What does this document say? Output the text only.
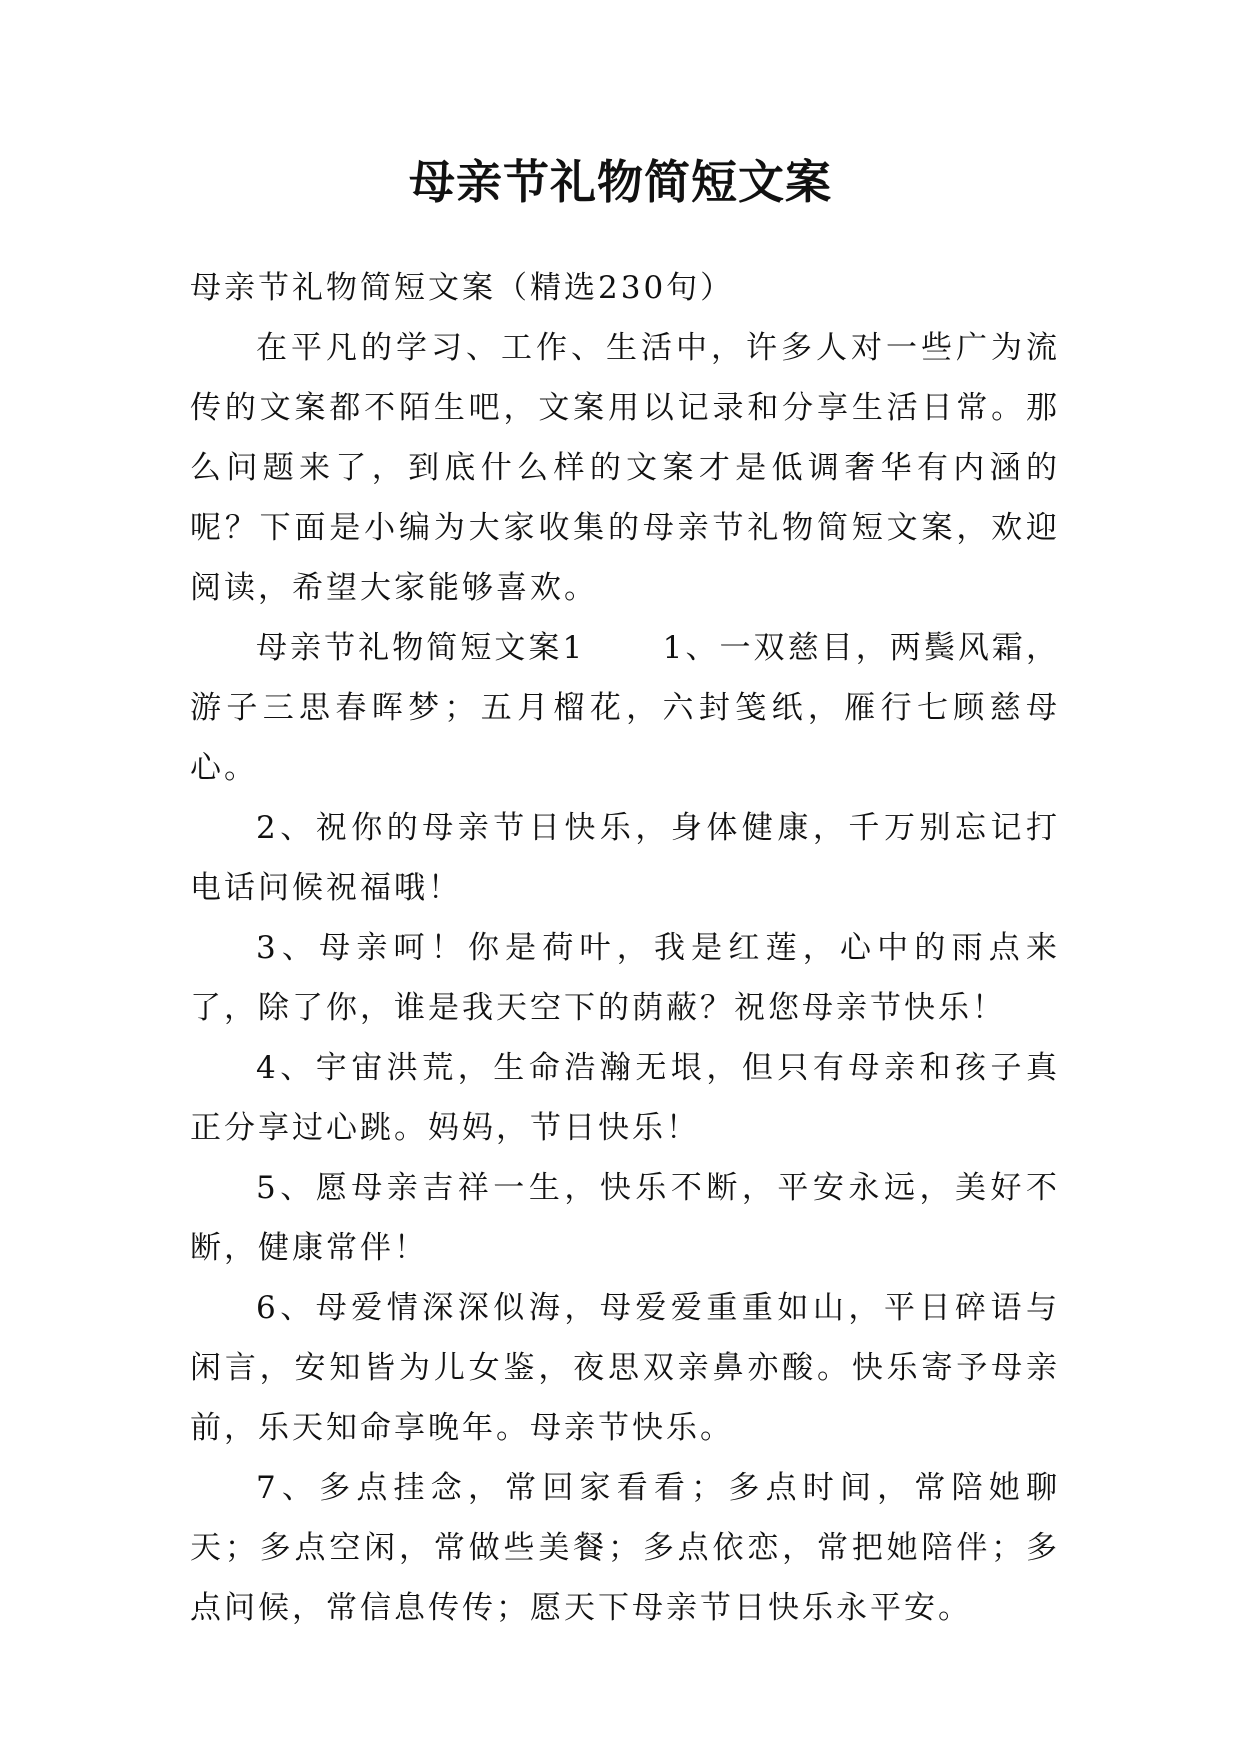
母亲节礼物简短文案

母亲节礼物简短文案（精选230句）

在平凡的学习、工作、生活中，许多人对一些广为流传的文案都不陌生吧，文案用以记录和分享生活日常。那么问题来了，到底什么样的文案才是低调奢华有内涵的呢？下面是小编为大家收集的母亲节礼物简短文案，欢迎阅读，希望大家能够喜欢。

母亲节礼物简短文案1 1、一双慈目，两鬓风霜，游子三思春晖梦；五月榴花，六封笺纸，雁行七顾慈母心。

2、祝你的母亲节日快乐，身体健康，千万别忘记打电话问候祝福哦！

3、母亲呵！你是荷叶，我是红莲，心中的雨点来了，除了你，谁是我天空下的荫蔽？祝您母亲节快乐！

4、宇宙洪荒，生命浩瀚无垠，但只有母亲和孩子真正分享过心跳。妈妈，节日快乐！

5、愿母亲吉祥一生，快乐不断，平安永远，美好不断，健康常伴！

6、母爱情深深似海，母爱爱重重如山，平日碎语与闲言，安知皆为儿女鉴，夜思双亲鼻亦酸。快乐寄予母亲前，乐天知命享晚年。母亲节快乐。

7、多点挂念，常回家看看；多点时间，常陪她聊天；多点空闲，常做些美餐；多点依恋，常把她陪伴；多点问候，常信息传传；愿天下母亲节日快乐永平安。
